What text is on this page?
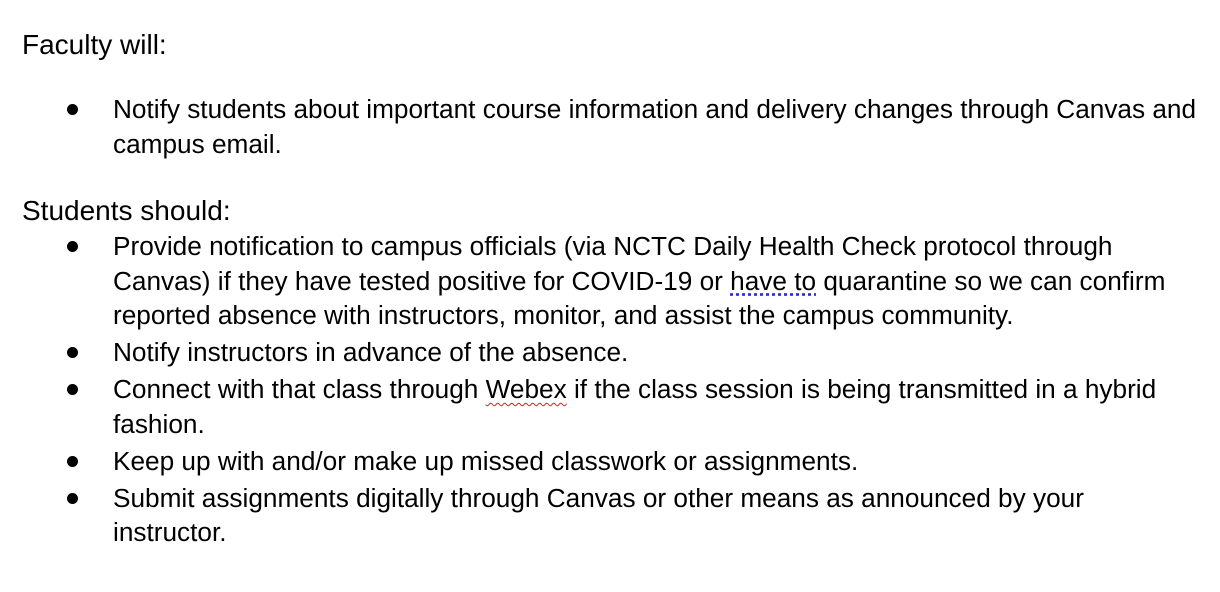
Faculty will:
Notify students about important course information and delivery changes through Canvas and campus email.
Students should:
Provide notification to campus officials (via NCTC Daily Health Check protocol through Canvas) if they have tested positive for COVID-19 or have to quarantine so we can confirm reported absence with instructors, monitor, and assist the campus community.
Notify instructors in advance of the absence.
Connect with that class through Webex if the class session is being transmitted in a hybrid fashion.
Keep up with and/or make up missed classwork or assignments.
Submit assignments digitally through Canvas or other means as announced by your instructor.
